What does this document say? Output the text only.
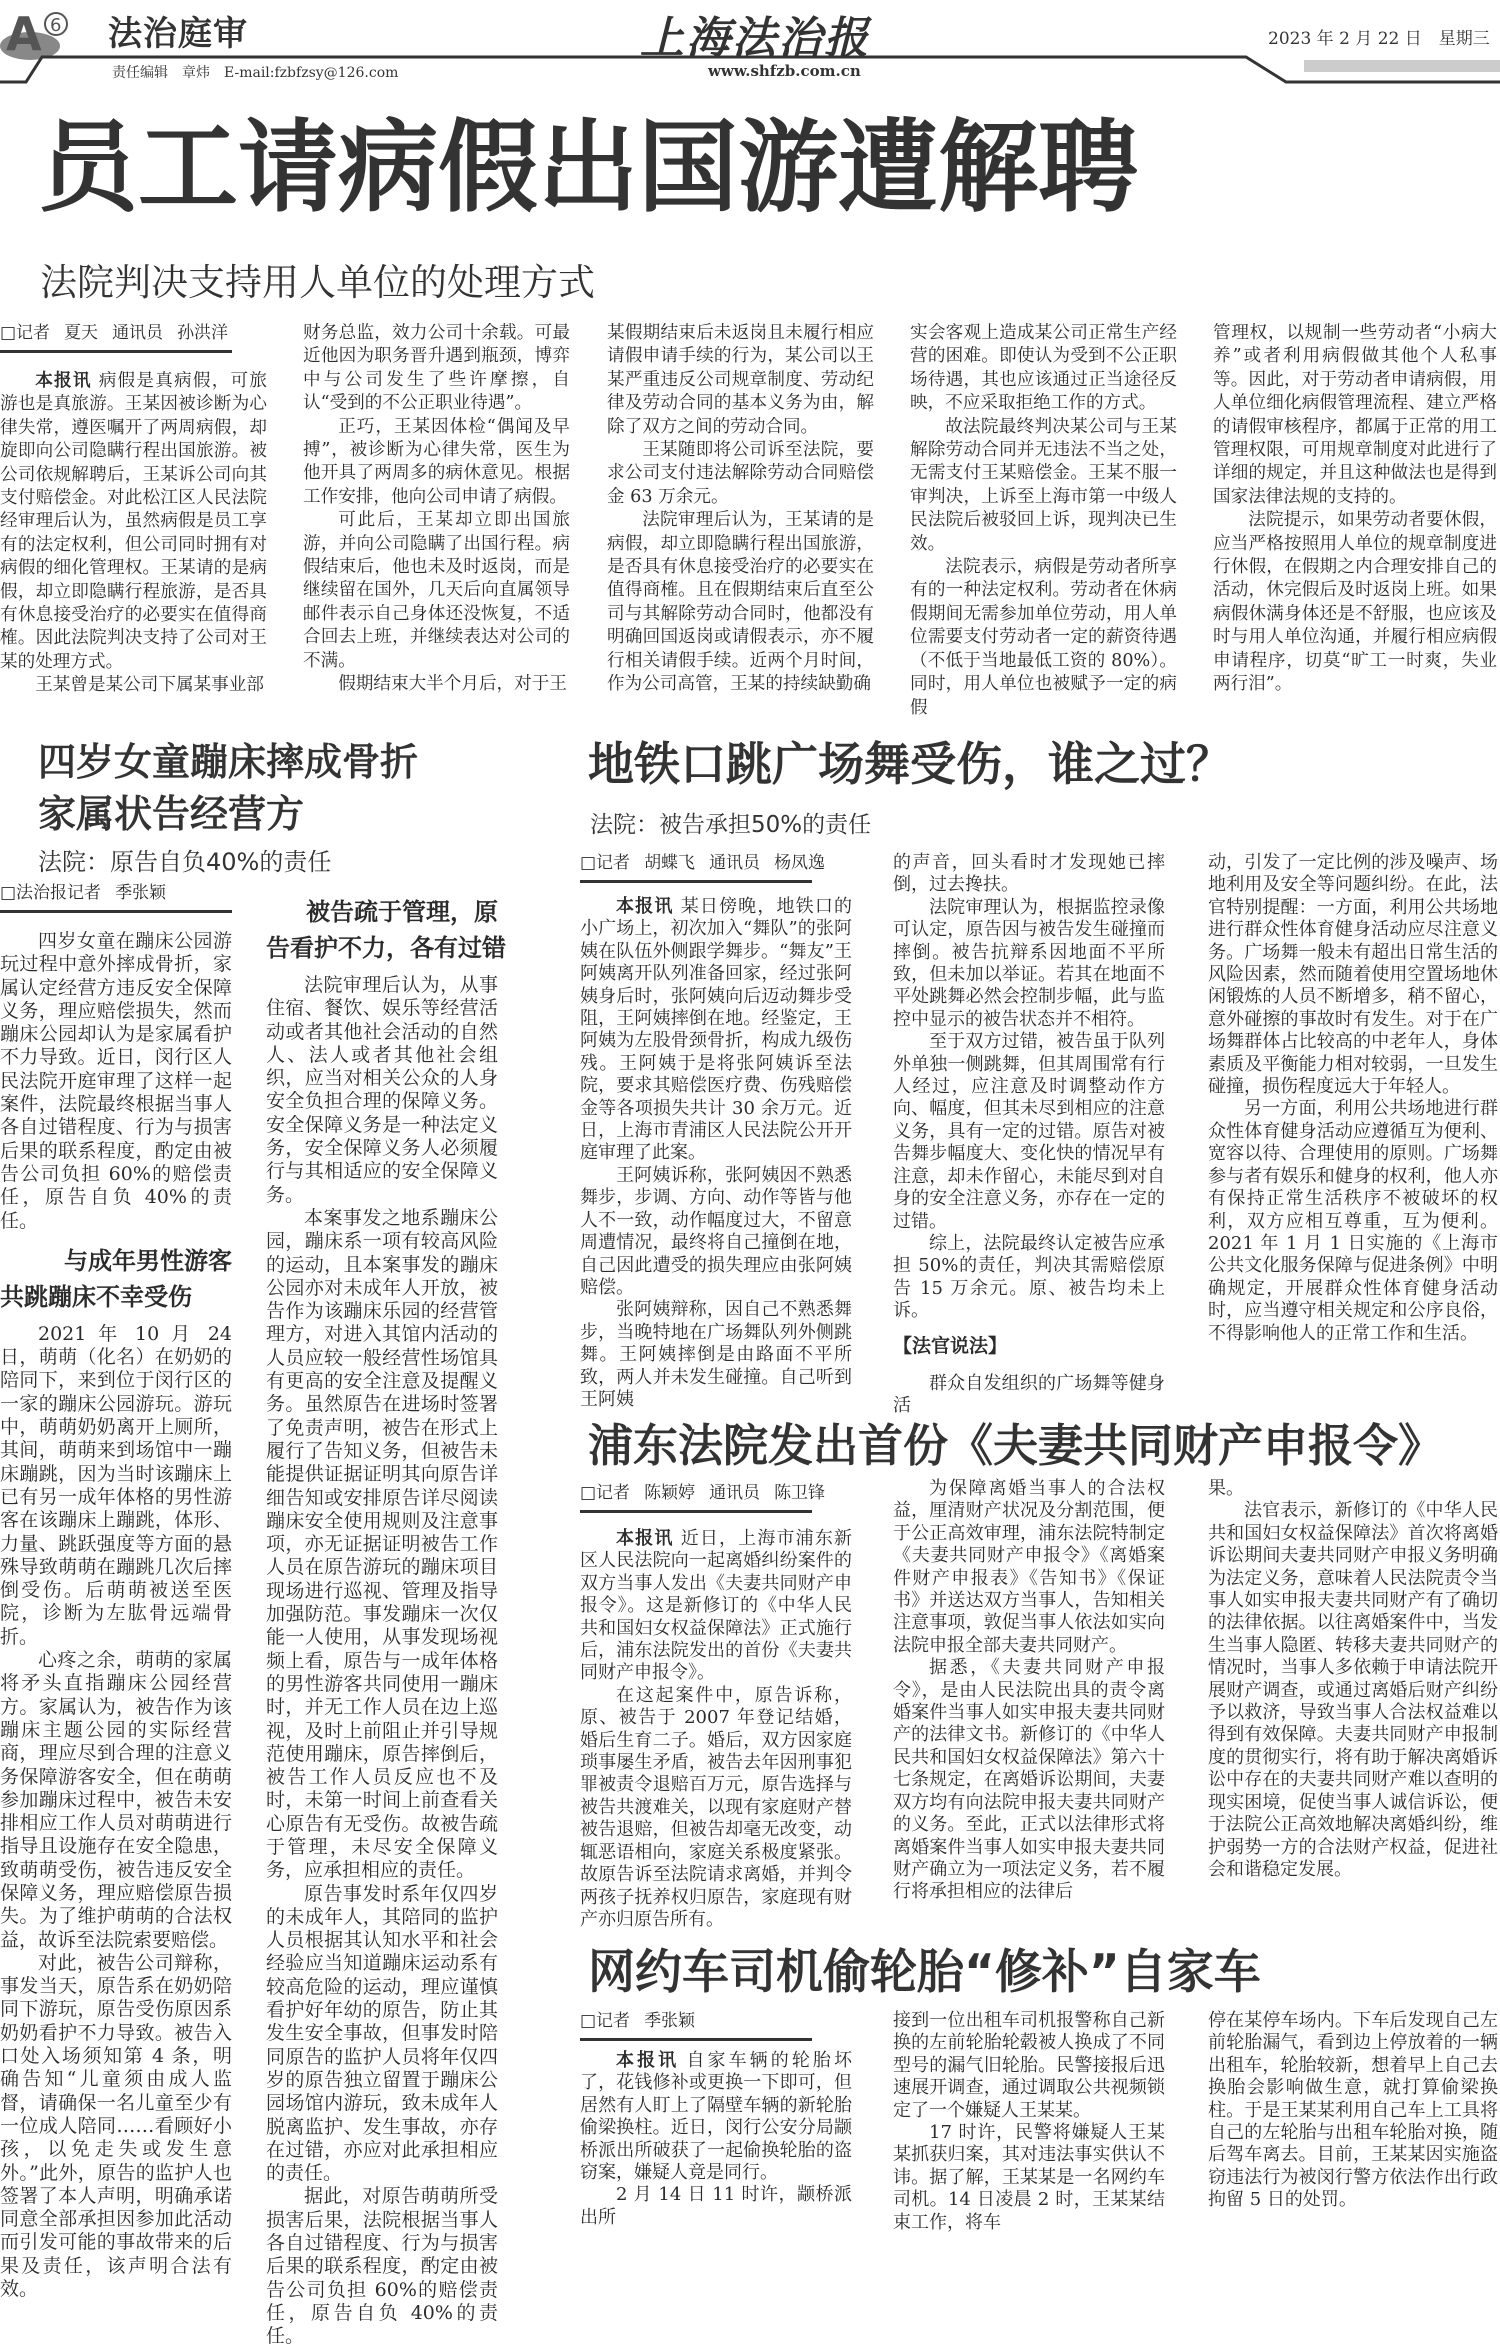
A 6 法治庭审	上海法治报	2023 年 2 月 22 日　星期三
责任编辑 章炜 E-mail:fzbfzsy@126.com	www.shfzb.com.cn
员工请病假出国游遭解聘
法院判决支持用人单位的处理方式
□记者 夏天 通讯员 孙洪洋

本报讯 病假是真病假，可旅游也是真旅游。王某因被诊断为心律失常，遵医嘱开了两周病假，却旋即向公司隐瞒行程出国旅游。被公司依规解聘后，王某诉公司向其支付赔偿金。对此松江区人民法院经审理后认为，虽然病假是员工享有的法定权利，但公司同时拥有对病假的细化管理权。王某请的是病假，却立即隐瞒行程旅游，是否具有休息接受治疗的必要实在值得商榷。因此法院判决支持了公司对王某的处理方式。

王某曾是某公司下属某事业部

财务总监，效力公司十余载。可最近他因为职务晋升遇到瓶颈，博弈中与公司发生了些许摩擦，自认“受到的不公正职业待遇”。

正巧，王某因体检“偶闻及早搏”，被诊断为心律失常，医生为他开具了两周多的病休意见。根据工作安排，他向公司申请了病假。

可此后，王某却立即出国旅游，并向公司隐瞒了出国行程。病假结束后，他也未及时返岗，而是继续留在国外，几天后向直属领导邮件表示自己身体还没恢复，不适合回去上班，并继续表达对公司的不满。

假期结束大半个月后，对于王

某假期结束后未返岗且未履行相应请假申请手续的行为，某公司以王某严重违反公司规章制度、劳动纪律及劳动合同的基本义务为由，解除了双方之间的劳动合同。

王某随即将公司诉至法院，要求公司支付违法解除劳动合同赔偿金 63 万余元。

法院审理后认为，王某请的是病假，却立即隐瞒行程出国旅游，是否具有休息接受治疗的必要实在值得商榷。且在假期结束后直至公司与其解除劳动合同时，他都没有明确回国返岗或请假表示，亦不履行相关请假手续。近两个月时间，作为公司高管，王某的持续缺勤确

实会客观上造成某公司正常生产经营的困难。即使认为受到不公正职场待遇，其也应该通过正当途径反映，不应采取拒绝工作的方式。

故法院最终判决某公司与王某解除劳动合同并无违法不当之处，无需支付王某赔偿金。王某不服一审判决，上诉至上海市第一中级人民法院后被驳回上诉，现判决已生效。

法院表示，病假是劳动者所享有的一种法定权利。劳动者在休病假期间无需参加单位劳动，用人单位需要支付劳动者一定的薪资待遇（不低于当地最低工资的 80%）。同时，用人单位也被赋予一定的病假

管理权，以规制一些劳动者“小病大养”或者利用病假做其他个人私事等。因此，对于劳动者申请病假，用人单位细化病假管理流程、建立严格的请假审核程序，都属于正常的用工管理权限，可用规章制度对此进行了详细的规定，并且这种做法也是得到国家法律法规的支持的。

法院提示，如果劳动者要休假，应当严格按照用人单位的规章制度进行休假，在假期之内合理安排自己的活动，休完假后及时返岗上班。如果病假休满身体还是不舒服，也应该及时与用人单位沟通，并履行相应病假申请程序，切莫“旷工一时爽，失业两行泪”。

四岁女童蹦床摔成骨折
家属状告经营方
法院：原告自负40%的责任
□法治报记者 季张颖

四岁女童在蹦床公园游玩过程中意外摔成骨折，家属认定经营方违反安全保障义务，理应赔偿损失，然而蹦床公园却认为是家属看护不力导致。近日，闵行区人民法院开庭审理了这样一起案件，法院最终根据当事人各自过错程度、行为与损害后果的联系程度，酌定由被告公司负担 60%的赔偿责任，原告自负 40%的责任。

与成年男性游客
共跳蹦床不幸受伤

2021 年 10 月 24 日，萌萌（化名）在奶奶的陪同下，来到位于闵行区的一家的蹦床公园游玩。游玩中，萌萌奶奶离开上厕所，其间，萌萌来到场馆中一蹦床蹦跳，因为当时该蹦床上已有另一成年体格的男性游客在该蹦床上蹦跳，体形、力量、跳跃强度等方面的悬殊导致萌萌在蹦跳几次后摔倒受伤。后萌萌被送至医院，诊断为左肱骨远端骨折。

心疼之余，萌萌的家属将矛头直指蹦床公园经营方。家属认为，被告作为该蹦床主题公园的实际经营商，理应尽到合理的注意义务保障游客安全，但在萌萌参加蹦床过程中，被告未安排相应工作人员对萌萌进行指导且设施存在安全隐患，致萌萌受伤，被告违反安全保障义务，理应赔偿原告损失。为了维护萌萌的合法权益，故诉至法院索要赔偿。

对此，被告公司辩称，事发当天，原告系在奶奶陪同下游玩，原告受伤原因系奶奶看护不力导致。被告入口处入场须知第 4 条，明确告知“儿童须由成人监督，请确保一名儿童至少有一位成人陪同……看顾好小孩，以免走失或发生意外。”此外，原告的监护人也签署了本人声明，明确承诺同意全部承担因参加此活动而引发可能的事故带来的后果及责任，该声明合法有效。

被告疏于管理，原
告看护不力，各有过错

法院审理后认为，从事住宿、餐饮、娱乐等经营活动或者其他社会活动的自然人、法人或者其他社会组织，应当对相关公众的人身安全负担合理的保障义务。安全保障义务是一种法定义务，安全保障义务人必须履行与其相适应的安全保障义务。

本案事发之地系蹦床公园，蹦床系一项有较高风险的运动，且本案事发的蹦床公园亦对未成年人开放，被告作为该蹦床乐园的经营管理方，对进入其馆内活动的人员应较一般经营性场馆具有更高的安全注意及提醒义务。虽然原告在进场时签署了免责声明，被告在形式上履行了告知义务，但被告未能提供证据证明其向原告详细告知或安排原告详尽阅读蹦床安全使用规则及注意事项，亦无证据证明被告工作人员在原告游玩的蹦床项目现场进行巡视、管理及指导加强防范。事发蹦床一次仅能一人使用，从事发现场视频上看，原告与一成年体格的男性游客共同使用一蹦床时，并无工作人员在边上巡视，及时上前阻止并引导规范使用蹦床，原告摔倒后，被告工作人员反应也不及时，未第一时间上前查看关心原告有无受伤。故被告疏于管理，未尽安全保障义务，应承担相应的责任。

原告事发时系年仅四岁的未成年人，其陪同的监护人员根据其认知水平和社会经验应当知道蹦床运动系有较高危险的运动，理应谨慎看护好年幼的原告，防止其发生安全事故，但事发时陪同原告的监护人员将年仅四岁的原告独立留置于蹦床公园场馆内游玩，致未成年人脱离监护、发生事故，亦存在过错，亦应对此承担相应的责任。

据此，对原告萌萌所受损害后果，法院根据当事人各自过错程度、行为与损害后果的联系程度，酌定由被告公司负担 60%的赔偿责任，原告自负 40%的责任。

地铁口跳广场舞受伤，谁之过？
法院：被告承担50%的责任
□记者 胡蝶飞 通讯员 杨凤逸

本报讯 某日傍晚，地铁口的小广场上，初次加入“舞队”的张阿姨在队伍外侧跟学舞步。“舞友”王阿姨离开队列准备回家，经过张阿姨身后时，张阿姨向后迈动舞步受阻，王阿姨摔倒在地。经鉴定，王阿姨为左股骨颈骨折，构成九级伤残。王阿姨于是将张阿姨诉至法院，要求其赔偿医疗费、伤残赔偿金等各项损失共计 30 余万元。近日，上海市青浦区人民法院公开开庭审理了此案。

王阿姨诉称，张阿姨因不熟悉舞步，步调、方向、动作等皆与他人不一致，动作幅度过大，不留意周遭情况，最终将自己撞倒在地，自己因此遭受的损失理应由张阿姨赔偿。

张阿姨辩称，因自己不熟悉舞步，当晚特地在广场舞队列外侧跳舞。王阿姨摔倒是由路面不平所致，两人并未发生碰撞。自己听到王阿姨

的声音，回头看时才发现她已摔倒，过去搀扶。

法院审理认为，根据监控录像可认定，原告因与被告发生碰撞而摔倒。被告抗辩系因地面不平所致，但未加以举证。若其在地面不平处跳舞必然会控制步幅，此与监控中显示的被告状态并不相符。

至于双方过错，被告虽于队列外单独一侧跳舞，但其周围常有行人经过，应注意及时调整动作方向、幅度，但其未尽到相应的注意义务，具有一定的过错。原告对被告舞步幅度大、变化快的情况早有注意，却未作留心，未能尽到对自身的安全注意义务，亦存在一定的过错。

综上，法院最终认定被告应承担 50%的责任，判决其需赔偿原告 15 万余元。原、被告均未上诉。

【法官说法】

群众自发组织的广场舞等健身活

动，引发了一定比例的涉及噪声、场地利用及安全等问题纠纷。在此，法官特别提醒：一方面，利用公共场地进行群众性体育健身活动应尽注意义务。广场舞一般未有超出日常生活的风险因素，然而随着使用空置场地休闲锻炼的人员不断增多，稍不留心，意外碰擦的事故时有发生。对于在广场舞群体占比较高的中老年人，身体素质及平衡能力相对较弱，一旦发生碰撞，损伤程度远大于年轻人。

另一方面，利用公共场地进行群众性体育健身活动应遵循互为便利、宽容以待、合理使用的原则。广场舞参与者有娱乐和健身的权利，他人亦有保持正常生活秩序不被破坏的权利，双方应相互尊重，互为便利。2021 年 1 月 1 日实施的《上海市公共文化服务保障与促进条例》中明确规定，开展群众性体育健身活动时，应当遵守相关规定和公序良俗，不得影响他人的正常工作和生活。

浦东法院发出首份《夫妻共同财产申报令》
□记者 陈颖婷 通讯员 陈卫锋

本报讯 近日，上海市浦东新区人民法院向一起离婚纠纷案件的双方当事人发出《夫妻共同财产申报令》。这是新修订的《中华人民共和国妇女权益保障法》正式施行后，浦东法院发出的首份《夫妻共同财产申报令》。

在这起案件中，原告诉称，原、被告于 2007 年登记结婚，婚后生育二子。婚后，双方因家庭琐事屡生矛盾，被告去年因刑事犯罪被责令退赔百万元，原告选择与被告共渡难关，以现有家庭财产替被告退赔，但被告却毫无改变，动辄恶语相向，家庭关系极度紧张。故原告诉至法院请求离婚，并判令两孩子抚养权归原告，家庭现有财产亦归原告所有。

为保障离婚当事人的合法权益，厘清财产状况及分割范围，便于公正高效审理，浦东法院特制定《夫妻共同财产申报令》《离婚案件财产申报表》《告知书》《保证书》并送达双方当事人，告知相关注意事项，敦促当事人依法如实向法院申报全部夫妻共同财产。

据悉，《夫妻共同财产申报令》，是由人民法院出具的责令离婚案件当事人如实申报夫妻共同财产的法律文书。新修订的《中华人民共和国妇女权益保障法》第六十七条规定，在离婚诉讼期间，夫妻双方均有向法院申报夫妻共同财产的义务。至此，正式以法律形式将离婚案件当事人如实申报夫妻共同财产确立为一项法定义务，若不履行将承担相应的法律后

果。

法官表示，新修订的《中华人民共和国妇女权益保障法》首次将离婚诉讼期间夫妻共同财产申报义务明确为法定义务，意味着人民法院责令当事人如实申报夫妻共同财产有了确切的法律依据。以往离婚案件中，当发生当事人隐匿、转移夫妻共同财产的情况时，当事人多依赖于申请法院开展财产调查，或通过离婚后财产纠纷予以救济，导致当事人合法权益难以得到有效保障。夫妻共同财产申报制度的贯彻实行，将有助于解决离婚诉讼中存在的夫妻共同财产难以查明的现实困境，促使当事人诚信诉讼，便于法院公正高效地解决离婚纠纷，维护弱势一方的合法财产权益，促进社会和谐稳定发展。

网约车司机偷轮胎“修补”自家车
□记者 季张颖

本报讯 自家车辆的轮胎坏了，花钱修补或更换一下即可，但居然有人盯上了隔壁车辆的新轮胎偷梁换柱。近日，闵行公安分局颛桥派出所破获了一起偷换轮胎的盗窃案，嫌疑人竟是同行。

2 月 14 日 11 时许，颛桥派出所

接到一位出租车司机报警称自己新换的左前轮胎轮毂被人换成了不同型号的漏气旧轮胎。民警接报后迅速展开调查，通过调取公共视频锁定了一个嫌疑人王某某。

17 时许，民警将嫌疑人王某某抓获归案，其对违法事实供认不讳。据了解，王某某是一名网约车司机。14 日凌晨 2 时，王某某结束工作，将车

停在某停车场内。下车后发现自己左前轮胎漏气，看到边上停放着的一辆出租车，轮胎较新，想着早上自己去换胎会影响做生意，就打算偷梁换柱。于是王某某利用自己车上工具将自己的左轮胎与出租车轮胎对换，随后驾车离去。目前，王某某因实施盗窃违法行为被闵行警方依法作出行政拘留 5 日的处罚。
